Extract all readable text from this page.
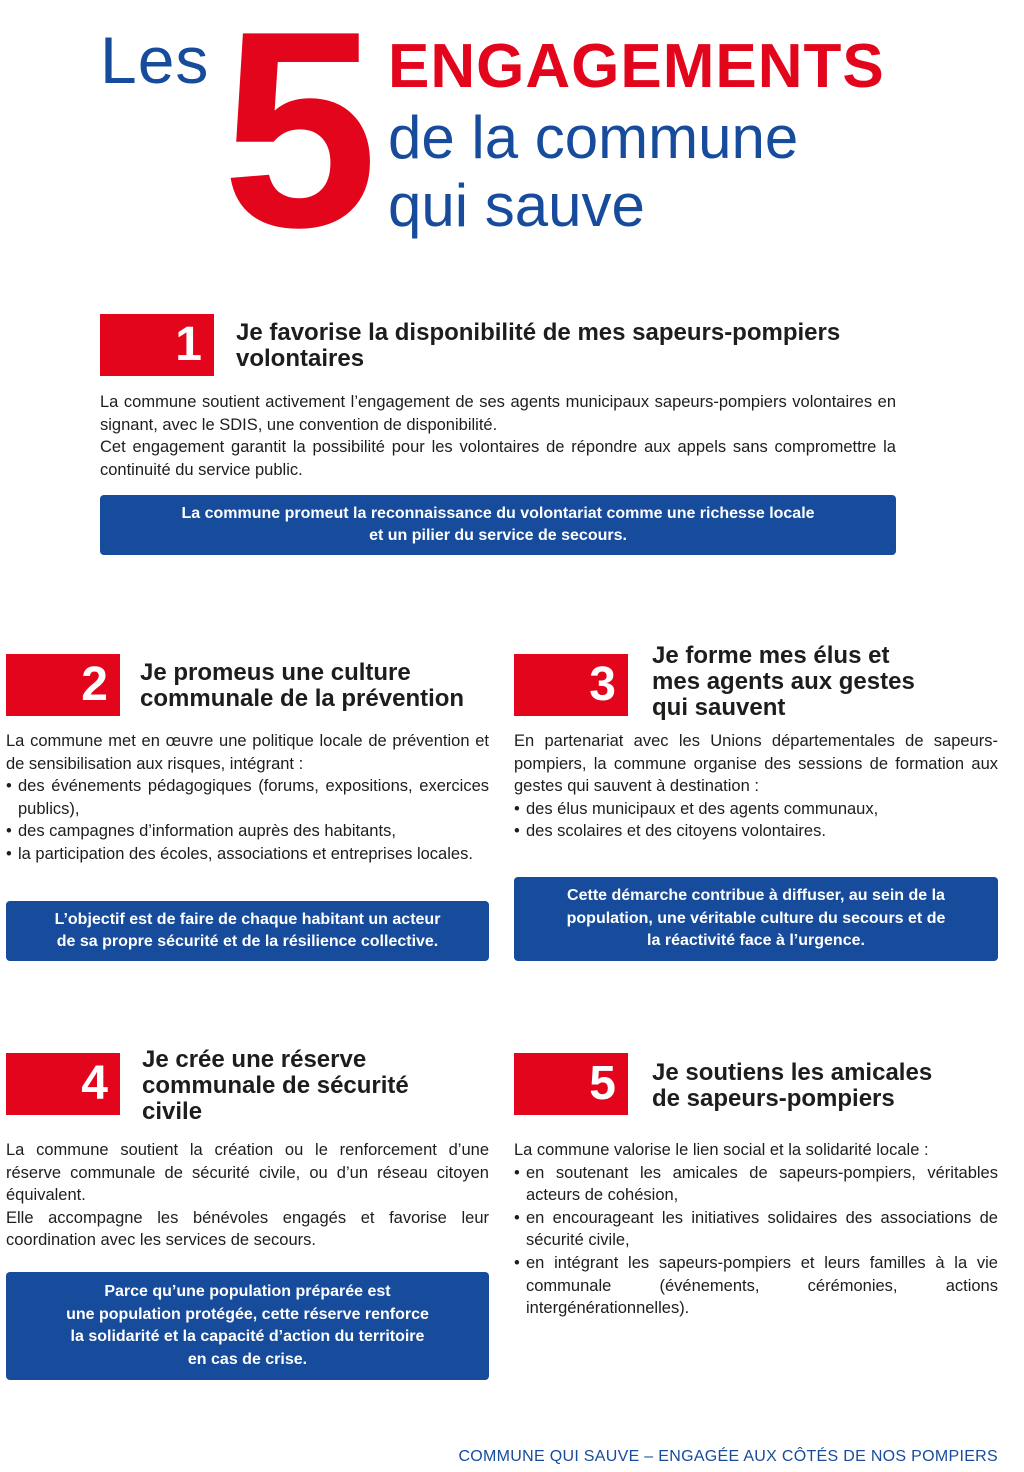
Les 5 ENGAGEMENTS
de la commune
qui sauve
1	Je favorise la disponibilité de mes sapeurs-pompiers
volontaires

La commune soutient activement l’engagement de ses agents municipaux sapeurs-pompiers volontaires en signant, avec le SDIS, une convention de disponibilité.

Cet engagement garantit la possibilité pour les volontaires de répondre aux appels sans compromettre la continuité du service public.

La commune promeut la reconnaissance du volontariat comme une richesse locale
et un pilier du service de secours.
2	Je promeus une culture
communale de la prévention

La commune met en œuvre une politique locale de prévention et de sensibilisation aux risques, intégrant :

• des événements pédagogiques (forums, expositions, exercices publics),
• des campagnes d’information auprès des habitants,
• la participation des écoles, associations et entreprises locales.
L’objectif est de faire de chaque habitant un acteur
de sa propre sécurité et de la résilience collective.
3
Je forme mes élus et
mes agents aux gestes
qui sauvent

En partenariat avec les Unions départementales de sapeurs-pompiers, la commune organise des sessions de formation aux gestes qui sauvent à destination :

• des élus municipaux et des agents communaux,
• des scolaires et des citoyens volontaires.
Cette démarche contribue à diffuser, au sein de la
population, une véritable culture du secours et de
la réactivité face à l’urgence.
4	Je crée une réserve
communale de sécurité
civile

La commune soutient la création ou le renforcement d’une réserve communale de sécurité civile, ou d’un réseau citoyen équivalent.

Elle accompagne les bénévoles engagés et favorise leur coordination avec les services de secours.

Parce qu’une population préparée est
une population protégée, cette réserve renforce
la solidarité et la capacité d’action du territoire
en cas de crise.
5	Je soutiens les amicales
de sapeurs-pompiers

La commune valorise le lien social et la solidarité locale :

• en soutenant les amicales de sapeurs-pompiers, véritables acteurs de cohésion,
• en encourageant les initiatives solidaires des associations de sécurité civile,
• en intégrant les sapeurs-pompiers et leurs familles à la vie communale (événements, cérémonies, actions intergénérationnelles).
COMMUNE QUI SAUVE – ENGAGÉE AUX CÔTÉS DE NOS POMPIERS
